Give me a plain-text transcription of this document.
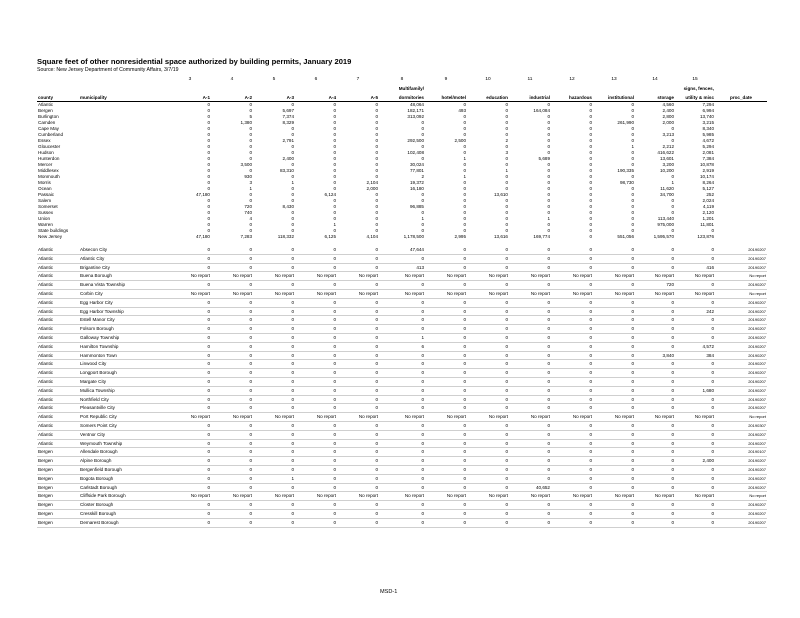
Square feet of other nonresidential space authorized by building permits, January 2019
Source: New Jersey Department of Community Affairs, 3/7/19
		3	4	5	6	7	8	9	10	11	12	13	14	15	
							Multifamily/							signs, fences,	
county	municipality	A-1	A-2	A-3	A-4	A-5	dormitories	hotel/motel	education	industrial	hazardous	institutional	storage	utility & misc	proc_date
Atlantic		0	0	0	0	0	48,064	0	0	0	0	0	4,560	7,294	
Bergen		0	0	5,697	0	0	182,171	493	0	164,084	0	0	2,400	6,994	
Burlington		0	5	7,374	0	0	313,092	0	0	0	0	0	2,800	13,740	
Camden		0	1,380	8,329	0	0	0	0	0	0	0	261,990	2,000	3,215	
Cape May		0	0	0	0	0	0	0	0	0	0	0	0	8,340	
Cumberland		0	0	0	0	0	0	0	0	0	0	0	3,213	5,985	
Essex		0	0	2,791	0	0	292,500	2,500	2	0	0	0	0	4,672	
Gloucester		0	0	0	0	0	0	0	0	0	0	1	2,212	5,294	
Hudson		0	0	0	0	0	102,408	0	3	0	0	0	416,622	2,081	
Hunterdon		0	0	2,400	0	0	0	1	0	5,689	0	0	13,601	7,384	
Mercer		0	3,500	0	0	0	30,024	0	0	0	0	0	3,200	10,878	
Middlesex		0	0	83,310	0	0	77,801	0	1	0	0	190,335	10,200	2,919	
Monmouth		0	930	0	0	0	2	1	0	0	0	0	0	10,174	
Morris		0	3	1	0	2,104	19,372	0	0	0	0	98,730	1	8,264	
Ocean		0	1	0	0	2,000	16,180	0	0	0	0	0	11,620	5,127	
Passaic		47,180	0	0	6,124	0	0	0	13,610	0	0	0	34,700	252	
Salem		0	0	0	0	0	0	0	0	0	0	0	0	2,024	
Somerset		0	720	8,430	0	0	96,885	0	0	0	0	0	0	4,119	
Sussex		0	740	0	0	0	0	0	0	0	0	0	0	2,120	
Union		0	4	0	0	0	1	0	0	1	0	0	113,440	1,201	
Warren		0	0	0	1	0	0	0	0	0	0	0	975,000	11,801	
State buildings		0	0	0	0	0	0	0	0	0	0	0	0	0	
New Jersey		47,180	7,283	118,332	6,125	4,104	1,178,500	2,995	13,616	169,774	0	551,056	1,595,570	123,876	

Atlantic	Absecon City	0	0	0	0	0	47,644	0	0	0	0	0	0	0	20190207
Atlantic	Atlantic City	0	0	0	0	0	0	0	0	0	0	0	0	0	20190207
Atlantic	Brigantine City	0	0	0	0	0	413	0	0	0	0	0	0	416	20190207
Atlantic	Buena Borough	No report	No report	No report	No report	No report	No report	No report	No report	No report	No report	No report	No report	No report	No report
Atlantic	Buena Vista Township	0	0	0	0	0	0	0	0	0	0	0	720	0	20190207
Atlantic	Corbin City	No report	No report	No report	No report	No report	No report	No report	No report	No report	No report	No report	No report	No report	No report
Atlantic	Egg Harbor City	0	0	0	0	0	0	0	0	0	0	0	0	0	20190207
Atlantic	Egg Harbor Township	0	0	0	0	0	0	0	0	0	0	0	0	242	20190207
Atlantic	Estell Manor City	0	0	0	0	0	0	0	0	0	0	0	0	0	20190207
Atlantic	Folsom Borough	0	0	0	0	0	0	0	0	0	0	0	0	0	20190207
Atlantic	Galloway Township	0	0	0	0	0	1	0	0	0	0	0	0	0	20190207
Atlantic	Hamilton Township	0	0	0	0	0	6	0	0	0	0	0	0	4,572	20190207
Atlantic	Hammonton Town	0	0	0	0	0	0	0	0	0	0	0	3,840	384	20190207
Atlantic	Linwood City	0	0	0	0	0	0	0	0	0	0	0	0	0	20190207
Atlantic	Longport Borough	0	0	0	0	0	0	0	0	0	0	0	0	0	20190207
Atlantic	Margate City	0	0	0	0	0	0	0	0	0	0	0	0	0	20190207
Atlantic	Mullica Township	0	0	0	0	0	0	0	0	0	0	0	0	1,680	20190207
Atlantic	Northfield City	0	0	0	0	0	0	0	0	0	0	0	0	0	20190207
Atlantic	Pleasantville City	0	0	0	0	0	0	0	0	0	0	0	0	0	20190207
Atlantic	Port Republic City	No report	No report	No report	No report	No report	No report	No report	No report	No report	No report	No report	No report	No report	No report
Atlantic	Somers Point City	0	0	0	0	0	0	0	0	0	0	0	0	0	20190307
Atlantic	Ventnor City	0	0	0	0	0	0	0	0	0	0	0	0	0	20190207
Atlantic	Weymouth Township	0	0	0	0	0	0	0	0	0	0	0	0	0	20190207
Bergen	Allendale Borough	0	0	0	0	0	0	0	0	0	0	0	0	0	20190107
Bergen	Alpine Borough	0	0	0	0	0	0	0	0	0	0	0	0	2,400	20190207
Bergen	Bergenfield Borough	0	0	0	0	0	0	0	0	0	0	0	0	0	20190207
Bergen	Bogota Borough	0	0	1	0	0	0	0	0	0	0	0	0	0	20190207
Bergen	Carlstadt Borough	0	0	0	0	0	0	0	0	40,652	0	0	0	0	20190207
Bergen	Cliffside Park Borough	No report	No report	No report	No report	No report	No report	No report	No report	No report	No report	No report	No report	No report	No report
Bergen	Closter Borough	0	0	0	0	0	0	0	0	0	0	0	0	0	20190207
Bergen	Cresskill Borough	0	0	0	0	0	0	0	0	0	0	0	0	0	20190207
Bergen	Demarest Borough	0	0	0	0	0	0	0	0	0	0	0	0	0	20190207
MSD-1
